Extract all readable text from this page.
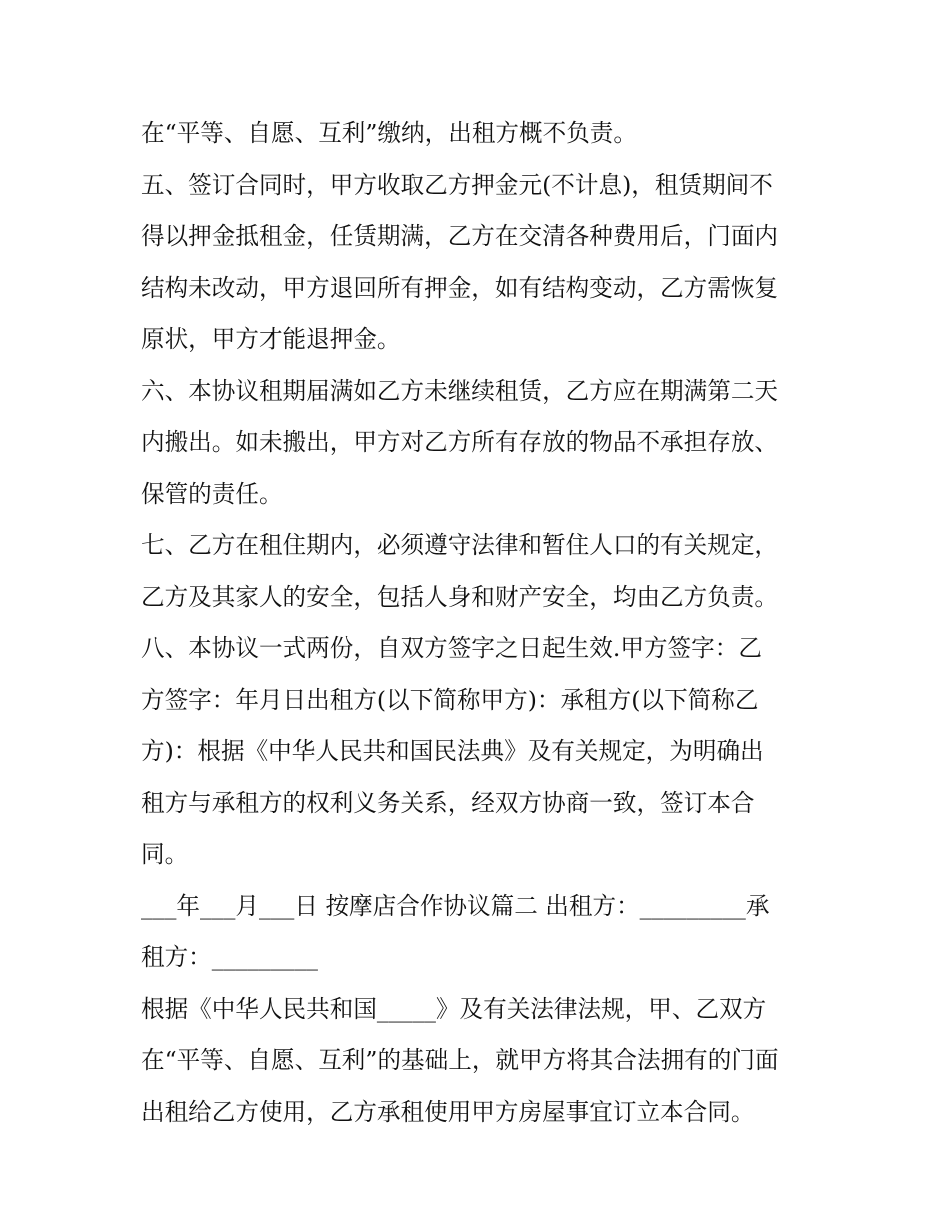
在“平等、自愿、互利”缴纳，出租方概不负责。
五、签订合同时，甲方收取乙方押金元(不计息)，租赁期间不
得以押金抵租金，任赁期满，乙方在交清各种费用后，门面内
结构未改动，甲方退回所有押金，如有结构变动，乙方需恢复
原状，甲方才能退押金。
六、本协议租期届满如乙方未继续租赁，乙方应在期满第二天
内搬出。如未搬出，甲方对乙方所有存放的物品不承担存放、
保管的责任。
七、乙方在租住期内，必须遵守法律和暂住人口的有关规定，
乙方及其家人的安全，包括人身和财产安全，均由乙方负责。
八、本协议一式两份，自双方签字之日起生效.甲方签字：乙
方签字：年月日出租方(以下简称甲方)：承租方(以下简称乙
方)：根据《中华人民共和国民法典》及有关规定，为明确出
租方与承租方的权利义务关系，经双方协商一致，签订本合
同。
___年___月___日 按摩店合作协议篇二 出租方：_________承
租方：_________
根据《中华人民共和国_____》及有关法律法规，甲、乙双方
在“平等、自愿、互利”的基础上，就甲方将其合法拥有的门面
出租给乙方使用，乙方承租使用甲方房屋事宜订立本合同。
